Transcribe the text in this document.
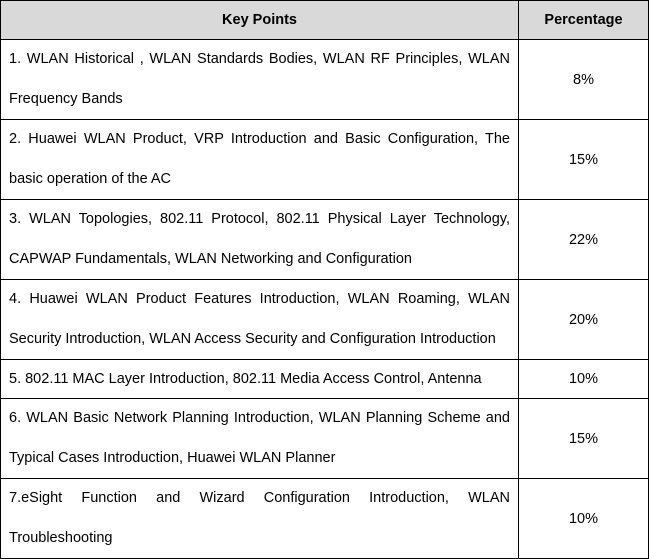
Key Points	Percentage
1. WLAN Historical , WLAN Standards Bodies, WLAN RF Principles, WLAN Frequency Bands	8%
2. Huawei WLAN Product, VRP Introduction and Basic Configuration, The basic operation of the AC	15%
3. WLAN Topologies, 802.11 Protocol, 802.11 Physical Layer Technology, CAPWAP Fundamentals, WLAN Networking and Configuration	22%
4. Huawei WLAN Product Features Introduction, WLAN Roaming, WLAN Security Introduction, WLAN Access Security and Configuration Introduction	20%
5. 802.11 MAC Layer Introduction, 802.11 Media Access Control, Antenna	10%
6. WLAN Basic Network Planning Introduction, WLAN Planning Scheme and Typical Cases Introduction, Huawei WLAN Planner	15%
7.eSight Function and Wizard Configuration Introduction, WLAN Troubleshooting	10%
